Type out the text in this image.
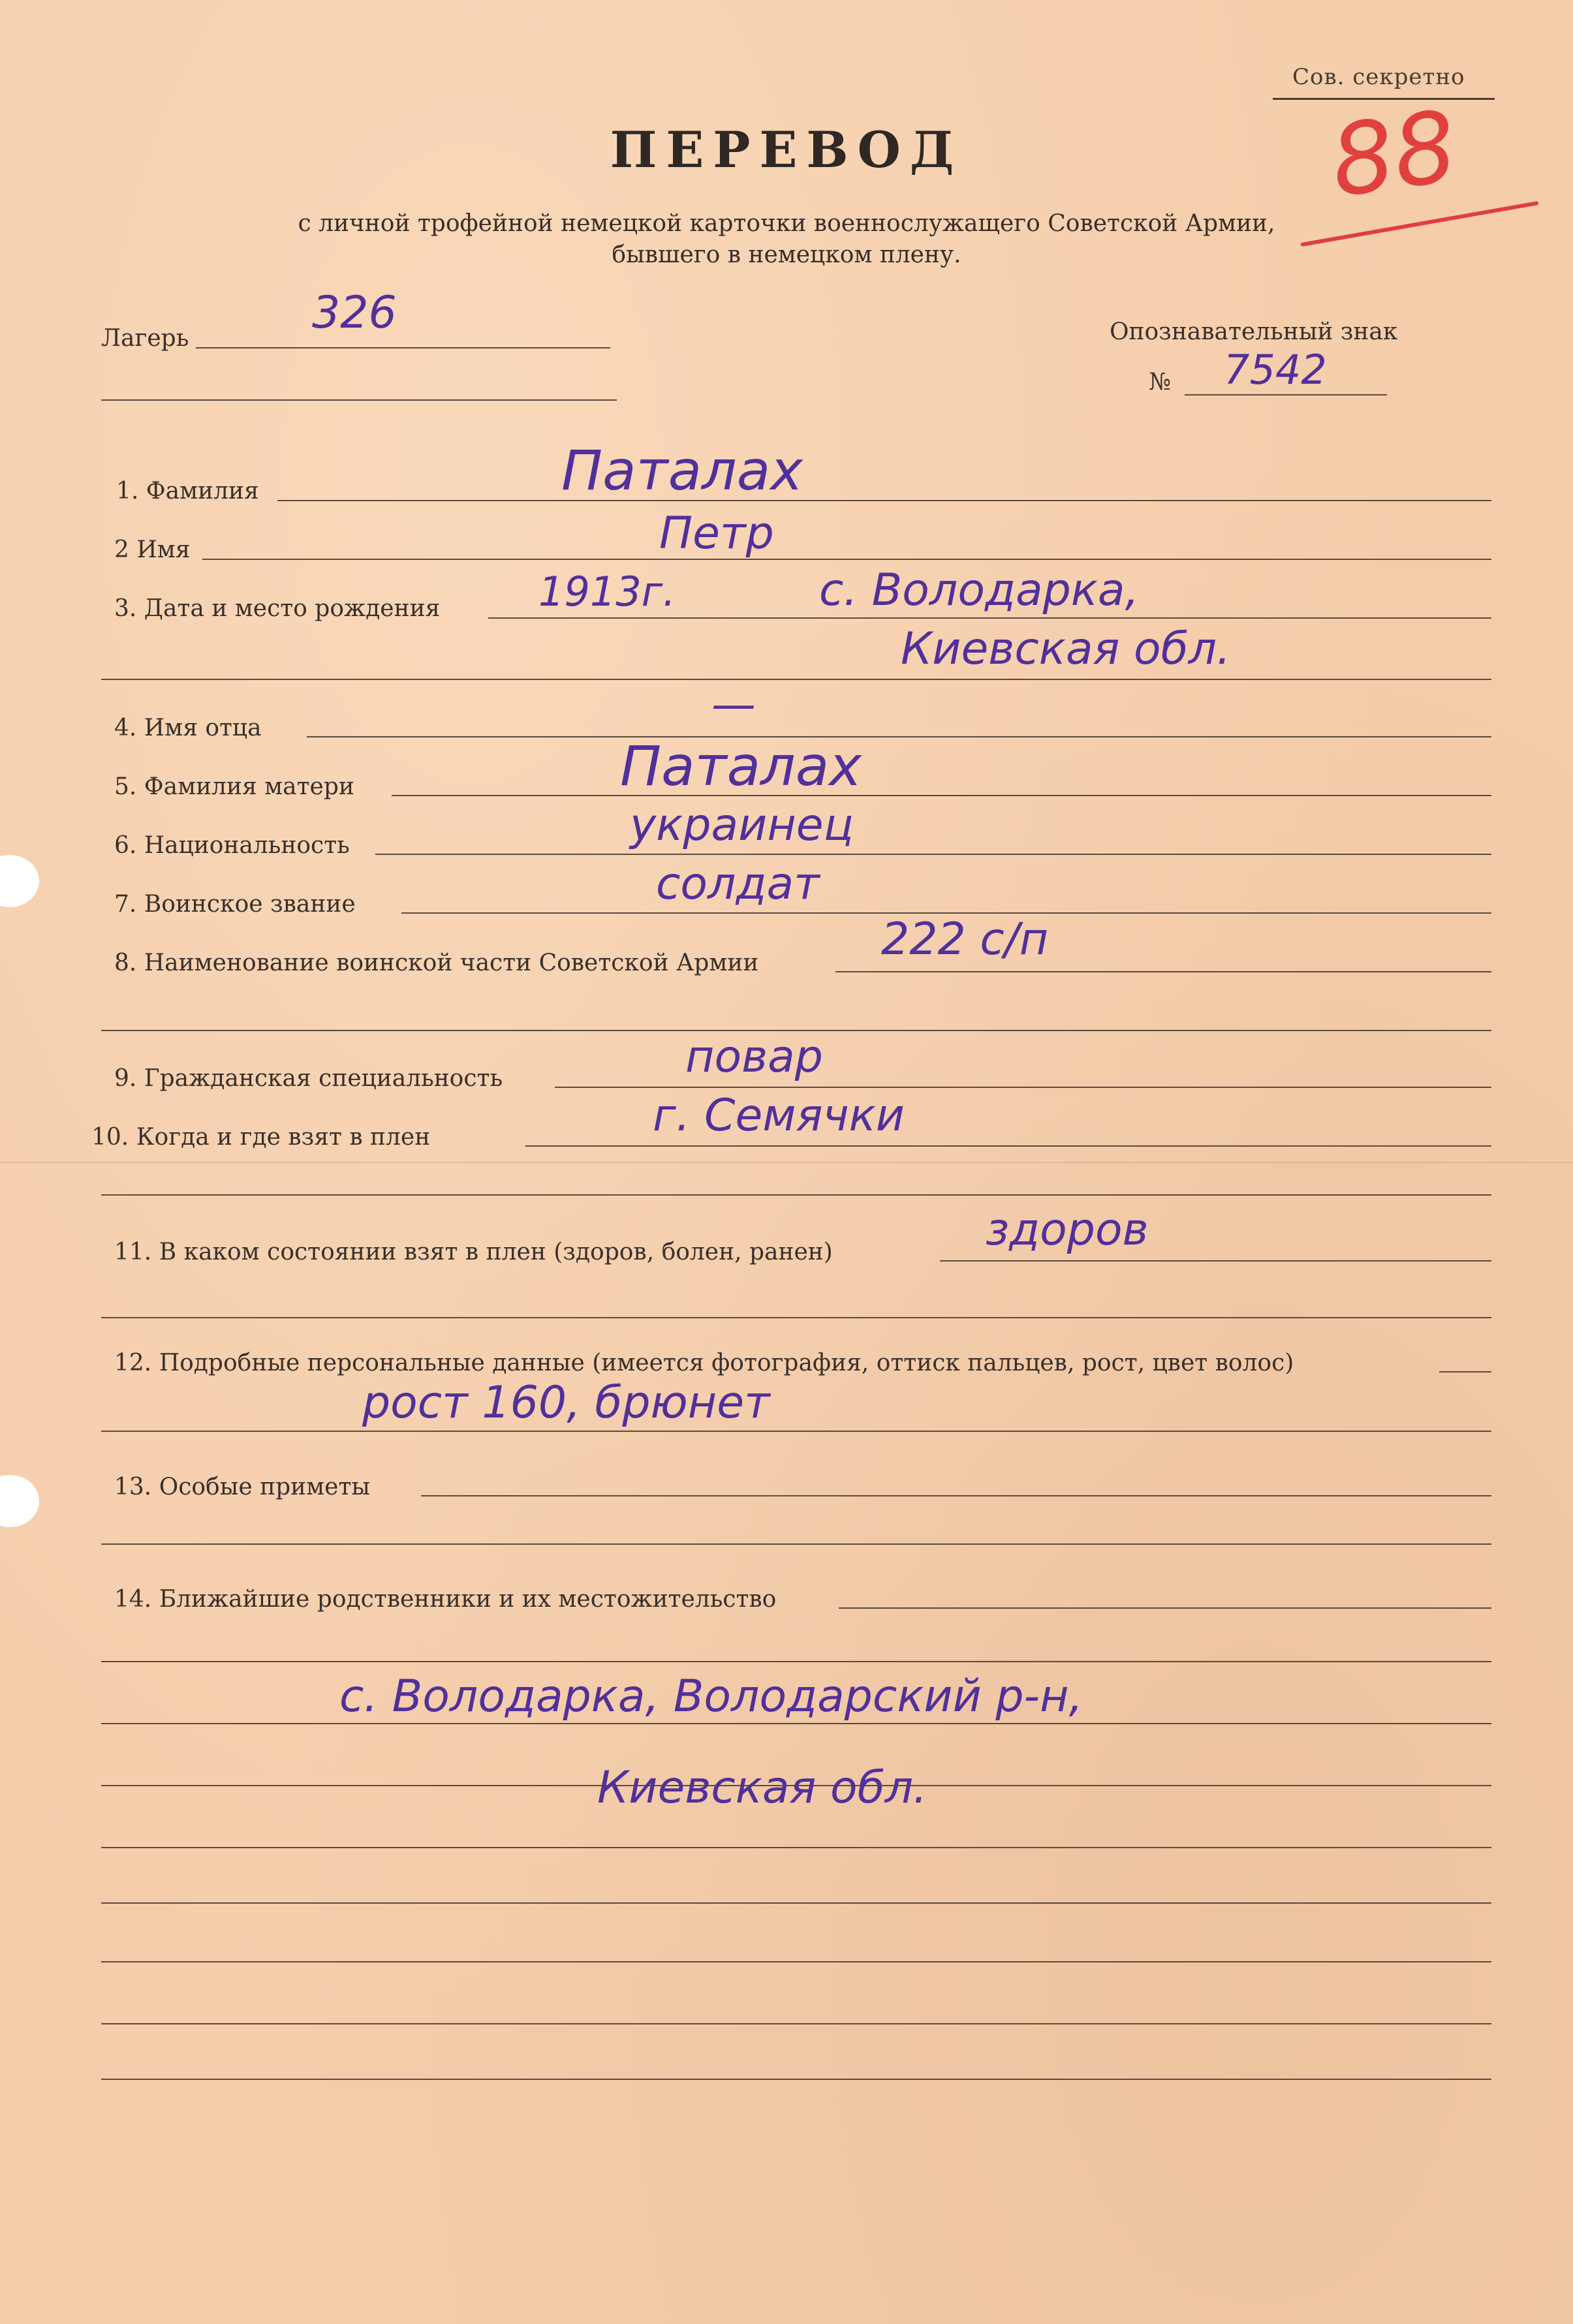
Сов. секретно
88
ПЕРЕВОД
с личной трофейной немецкой карточки военнослужащего Советской Армии,
бывшего в немецком плену.
Лагерь	326	Опознавательный знак
№ 7542
1. Фамилия	Паталах
2 Имя	Петр
3. Дата и место рождения 1913г.	с. Володарка,
Киевская обл.
4. Имя отца	—
5. Фамилия матери	Паталах
6. Национальность	украинец
7. Воинское звание	солдат
8. Наименование воинской части Советской Армии	222 с/п
9. Гражданская специальность	повар
10. Когда и где взят в плен	г. Семячки
11. В каком состоянии взят в плен (здоров, болен, ранен)	здоров
12. Подробные персональные данные (имеется фотография, оттиск пальцев, рост, цвет волос)
рост 160, брюнет
13. Особые приметы
14. Ближайшие родственники и их местожительство
с. Володарка, Володарский р-н,
Киевская обл.
